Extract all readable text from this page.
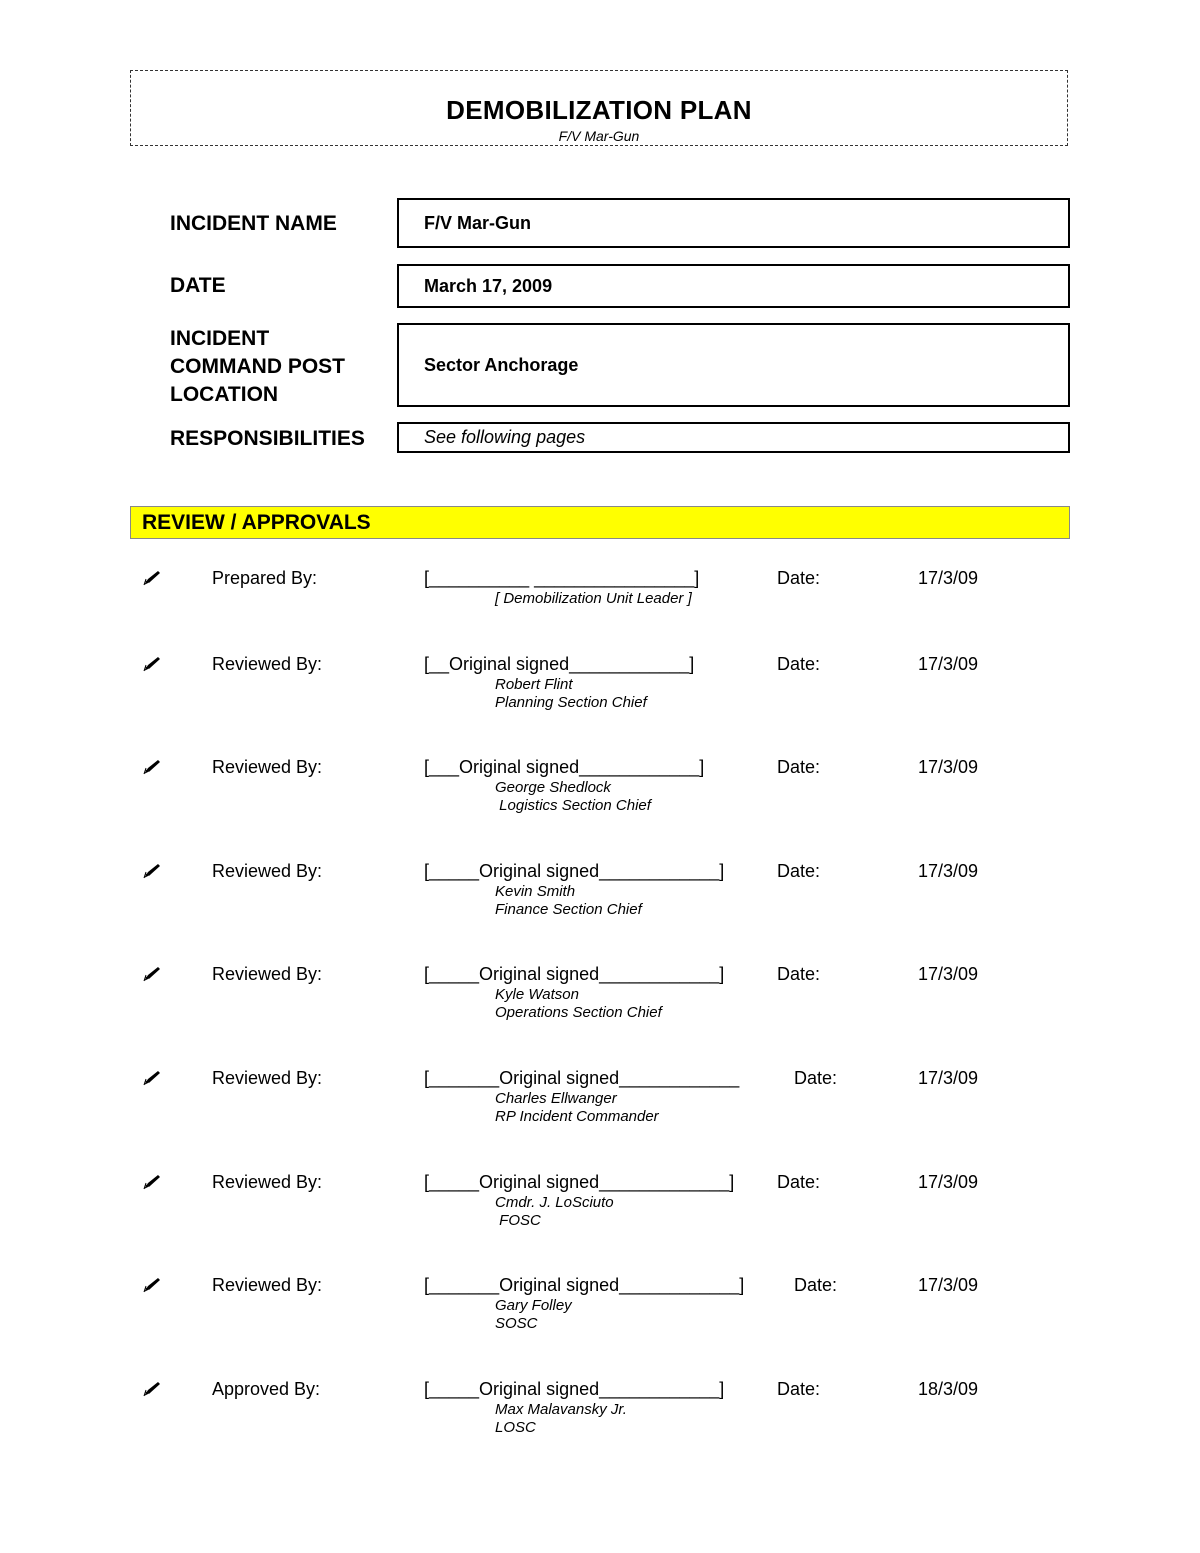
DEMOBILIZATION PLAN
F/V Mar-Gun
INCIDENT NAME	F/V Mar-Gun
DATE	March 17, 2009
INCIDENT
COMMAND POST
LOCATION
Sector Anchorage
RESPONSIBILITIES	See following pages
REVIEW / APPROVALS
Prepared By:	[__________ ________________]	Date:	17/3/09
[ Demobilization Unit Leader ]
Reviewed By:	[__Original signed____________]	Date:	17/3/09
Robert Flint
Planning Section Chief
Reviewed By:	[___Original signed____________]	Date:	17/3/09
George Shedlock
Logistics Section Chief
Reviewed By:	[_____Original signed____________]	Date:	17/3/09
Kevin Smith
Finance Section Chief
Reviewed By:	[_____Original signed____________]	Date:	17/3/09
Kyle Watson
Operations Section Chief
Reviewed By:	[_______Original signed____________	Date:	17/3/09
Charles Ellwanger
RP Incident Commander
Reviewed By:	[_____Original signed_____________] Date:	17/3/09
Cmdr. J. LoSciuto
FOSC
Reviewed By:	[_______Original signed____________]	Date:	17/3/09
Gary Folley
SOSC
Approved By:	[_____Original signed____________]	Date:	18/3/09
Max Malavansky Jr.
LOSC
